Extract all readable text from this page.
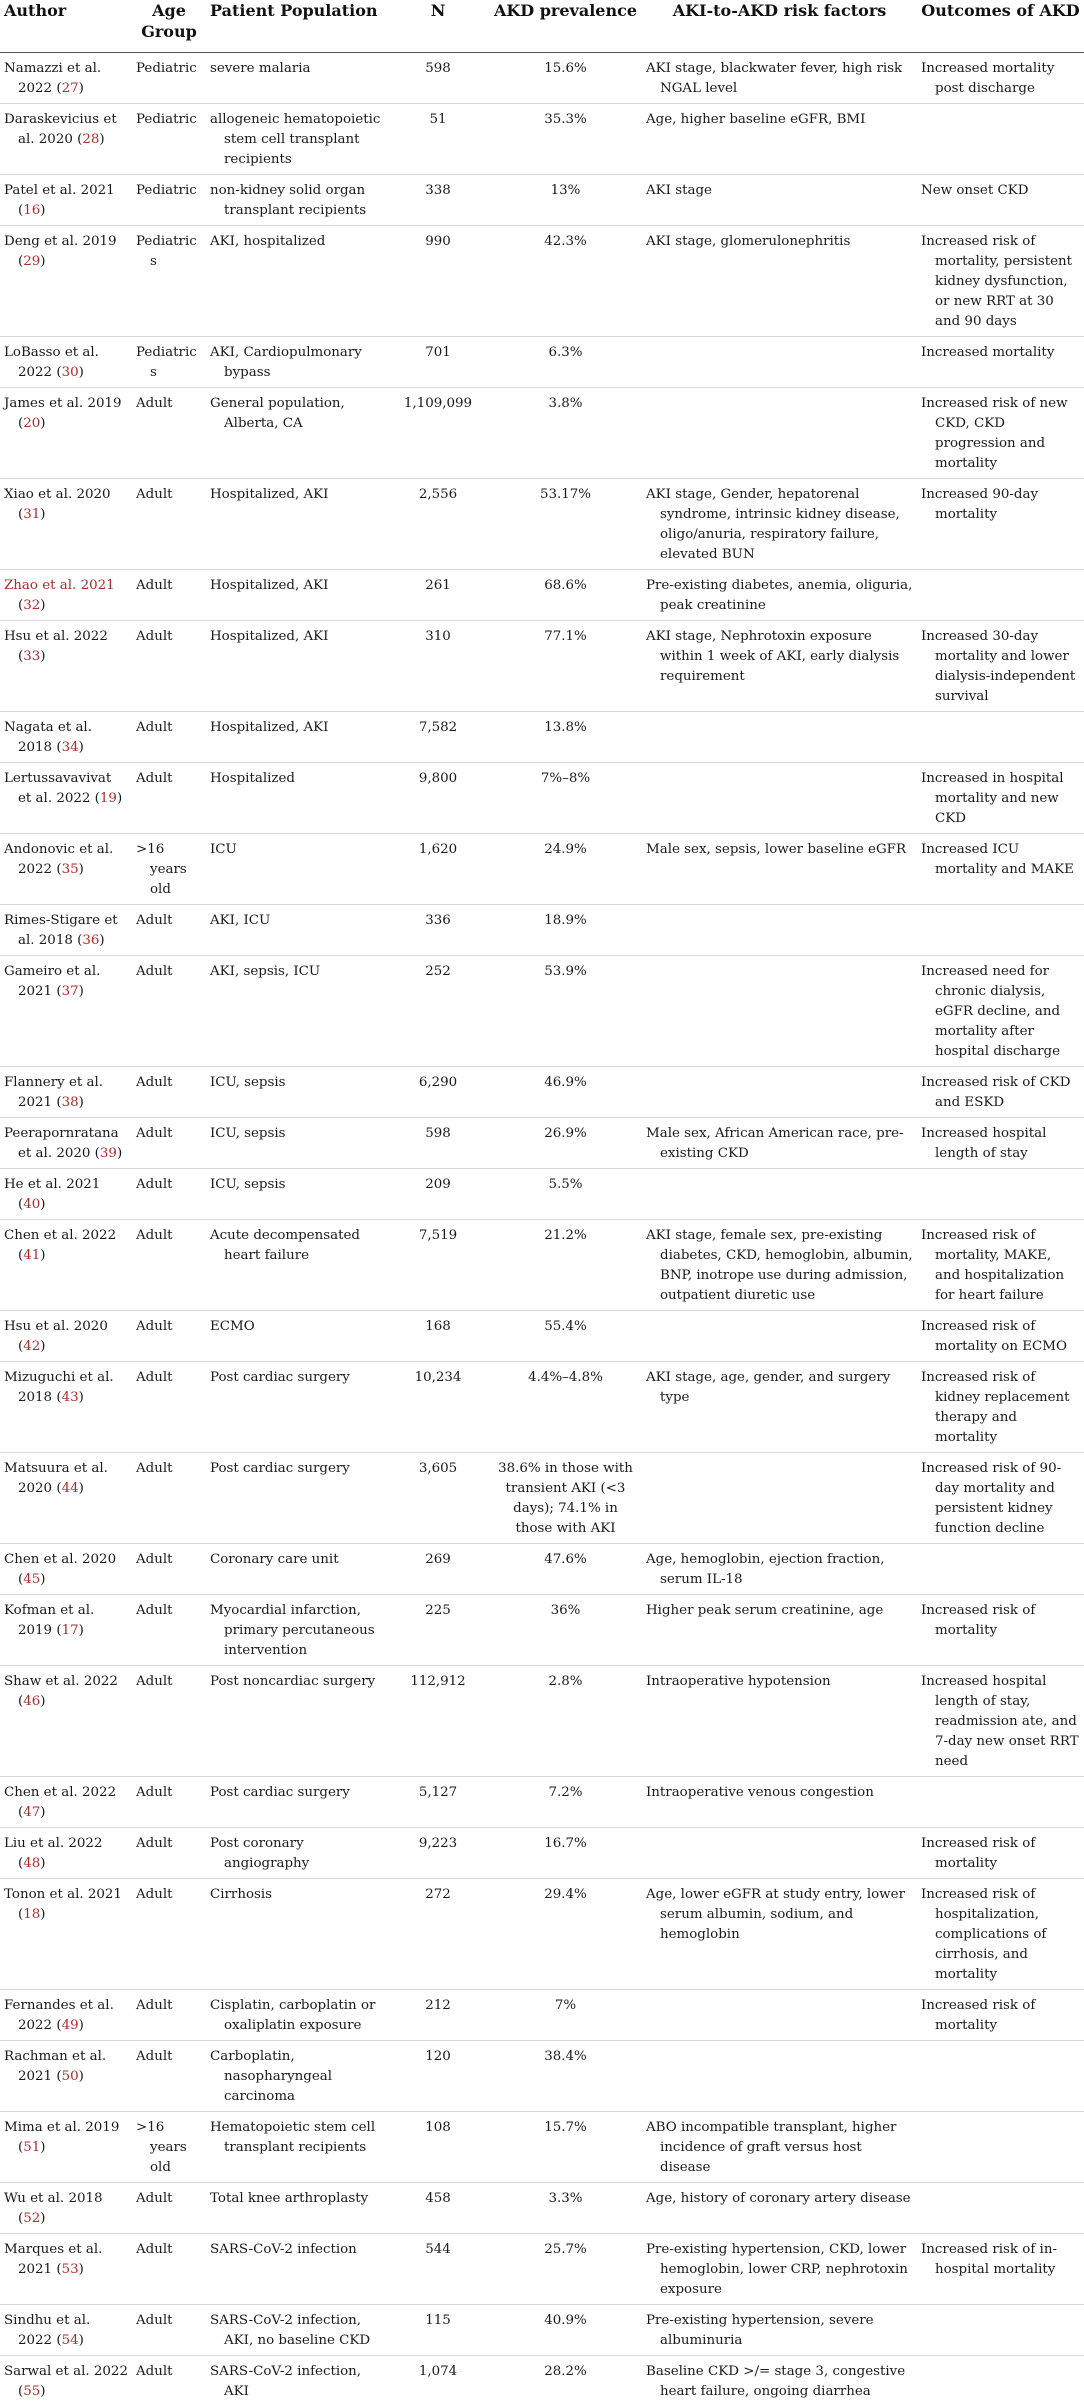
Author	Age Group	Patient Population	N	AKD prevalence	AKI-to-AKD risk factors	Outcomes of AKD

Namazzi et al. 2022 (27)	Pediatric	severe malaria	598	15.6%	AKI stage, blackwater fever, high risk NGAL level	Increased mortality post discharge

Daraskevicius et al. 2020 (28)	Pediatric	allogeneic hematopoietic stem cell transplant recipients	51	35.3%	Age, higher baseline eGFR, BMI	

Patel et al. 2021 (16)	Pediatric	non-kidney solid organ transplant recipients	338	13%	AKI stage	New onset CKD

Deng et al. 2019 (29)	Pediatrics	AKI, hospitalized	990	42.3%	AKI stage, glomerulonephritis	Increased risk of mortality, persistent kidney dysfunction, or new RRT at 30 and 90 days

LoBasso et al. 2022 (30)	Pediatrics	AKI, Cardiopulmonary bypass	701	6.3%		Increased mortality

James et al. 2019 (20)	Adult	General population, Alberta, CA	1,109,099	3.8%		Increased risk of new CKD, CKD progression and mortality

Xiao et al. 2020 (31)	Adult	Hospitalized, AKI	2,556	53.17%	AKI stage, Gender, hepatorenal syndrome, intrinsic kidney disease, oligo/anuria, respiratory failure, elevated BUN	Increased 90-day mortality

Zhao et al. 2021 (32)	Adult	Hospitalized, AKI	261	68.6%	Pre-existing diabetes, anemia, oliguria, peak creatinine	

Hsu et al. 2022 (33)	Adult	Hospitalized, AKI	310	77.1%	AKI stage, Nephrotoxin exposure within 1 week of AKI, early dialysis requirement	Increased 30-day mortality and lower dialysis-independent survival

Nagata et al. 2018 (34)	Adult	Hospitalized, AKI	7,582	13.8%	

Lertussavavivat et al. 2022 (19)	Adult	Hospitalized	9,800	7%–8%		Increased in hospital mortality and new CKD

Andonovic et al. 2022 (35)	>16 years old	ICU	1,620	24.9%	Male sex, sepsis, lower baseline eGFR	Increased ICU mortality and MAKE

Rimes-Stigare et al. 2018 (36)	Adult	AKI, ICU	336	18.9%	

Gameiro et al. 2021 (37)	Adult	AKI, sepsis, ICU	252	53.9%		Increased need for chronic dialysis, eGFR decline, and mortality after hospital discharge

Flannery et al. 2021 (38)	Adult	ICU, sepsis	6,290	46.9%		Increased risk of CKD and ESKD

Peerapornratana et al. 2020 (39)	Adult	ICU, sepsis	598	26.9%	Male sex, African American race, pre-existing CKD	Increased hospital length of stay

He et al. 2021 (40)	Adult	ICU, sepsis	209	5.5%	

Chen et al. 2022 (41)	Adult	Acute decompensated heart failure	7,519	21.2%	AKI stage, female sex, pre-existing diabetes, CKD, hemoglobin, albumin, BNP, inotrope use during admission, outpatient diuretic use	Increased risk of mortality, MAKE, and hospitalization for heart failure

Hsu et al. 2020 (42)	Adult	ECMO	168	55.4%		Increased risk of mortality on ECMO

Mizuguchi et al. 2018 (43)	Adult	Post cardiac surgery	10,234	4.4%–4.8%	AKI stage, age, gender, and surgery type	Increased risk of kidney replacement therapy and mortality

Matsuura et al. 2020 (44)	Adult	Post cardiac surgery	3,605	38.6% in those with transient AKI (<3 days); 74.1% in those with AKI		Increased risk of 90-day mortality and persistent kidney function decline

Chen et al. 2020 (45)	Adult	Coronary care unit	269	47.6%	Age, hemoglobin, ejection fraction, serum IL-18	

Kofman et al. 2019 (17)	Adult	Myocardial infarction, primary percutaneous intervention	225	36%	Higher peak serum creatinine, age	Increased risk of mortality

Shaw et al. 2022 (46)	Adult	Post noncardiac surgery	112,912	2.8%	Intraoperative hypotension	Increased hospital length of stay, readmission ate, and 7-day new onset RRT need

Chen et al. 2022 (47)	Adult	Post cardiac surgery	5,127	7.2%	Intraoperative venous congestion	

Liu et al. 2022 (48)	Adult	Post coronary angiography	9,223	16.7%		Increased risk of mortality

Tonon et al. 2021 (18)	Adult	Cirrhosis	272	29.4%	Age, lower eGFR at study entry, lower serum albumin, sodium, and hemoglobin	Increased risk of hospitalization, complications of cirrhosis, and mortality

Fernandes et al. 2022 (49)	Adult	Cisplatin, carboplatin or oxaliplatin exposure	212	7%		Increased risk of mortality

Rachman et al. 2021 (50)	Adult	Carboplatin, nasopharyngeal carcinoma	120	38.4%	

Mima et al. 2019 (51)	>16 years old	Hematopoietic stem cell transplant recipients	108	15.7%	ABO incompatible transplant, higher incidence of graft versus host disease	

Wu et al. 2018 (52)	Adult	Total knee arthroplasty	458	3.3%	Age, history of coronary artery disease	

Marques et al. 2021 (53)	Adult	SARS-CoV-2 infection	544	25.7%	Pre-existing hypertension, CKD, lower hemoglobin, lower CRP, nephrotoxin exposure	Increased risk of in- hospital mortality

Sindhu et al. 2022 (54)	Adult	SARS-CoV-2 infection, AKI, no baseline CKD	115	40.9%	Pre-existing hypertension, severe albuminuria	

Sarwal et al. 2022 (55)	Adult	SARS-CoV-2 infection, AKI	1,074	28.2%	Baseline CKD >/= stage 3, congestive heart failure, ongoing diarrhea	
